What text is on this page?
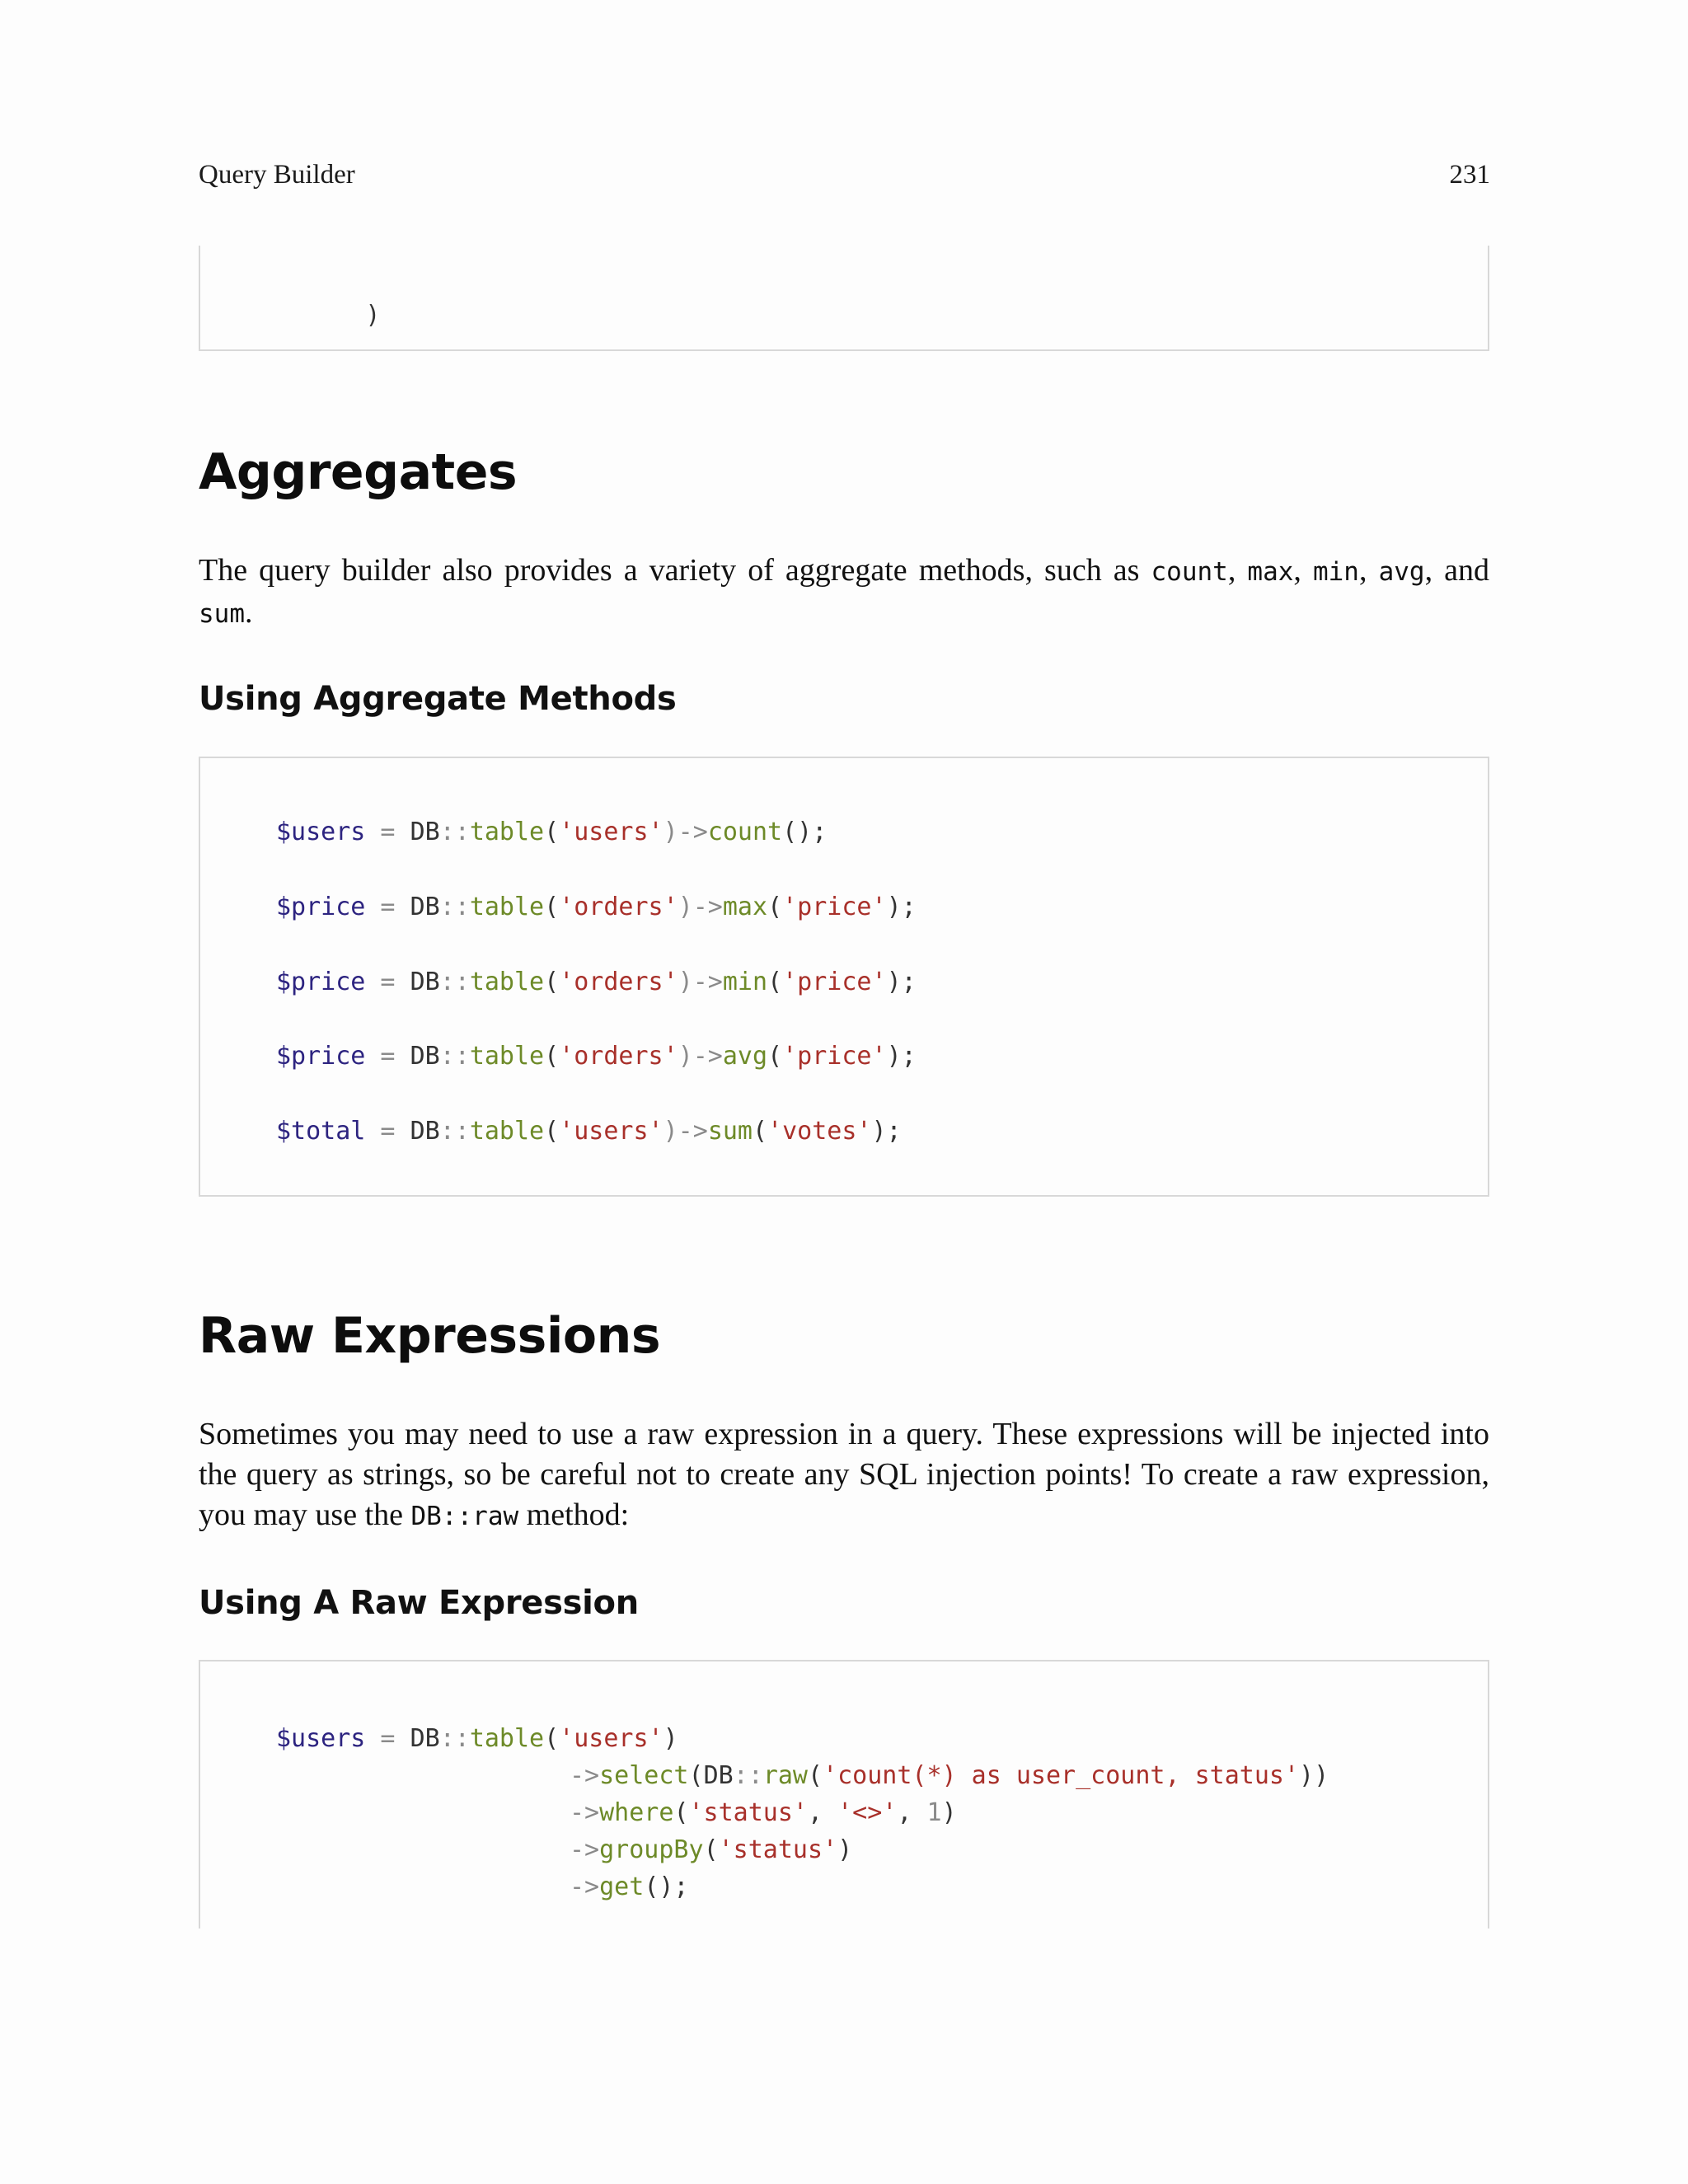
Query Builder	231

)

Aggregates
The query builder also provides a variety of aggregate methods, such as count, max, min, avg, and sum.
Using Aggregate Methods
$users = DB::table('users')->count();
$price = DB::table('orders')->max('price');
$price = DB::table('orders')->min('price');
$price = DB::table('orders')->avg('price');
$total = DB::table('users')->sum('votes');
Raw Expressions
Sometimes you may need to use a raw expression in a query. These expressions will be injected into the query as strings, so be careful not to create any SQL injection points! To create a raw expression, you may use the DB::raw method:
Using A Raw Expression
$users = DB::table('users')
->select(DB::raw('count(*) as user_count, status'))
->where('status', '<>', 1)
->groupBy('status')
->get();
